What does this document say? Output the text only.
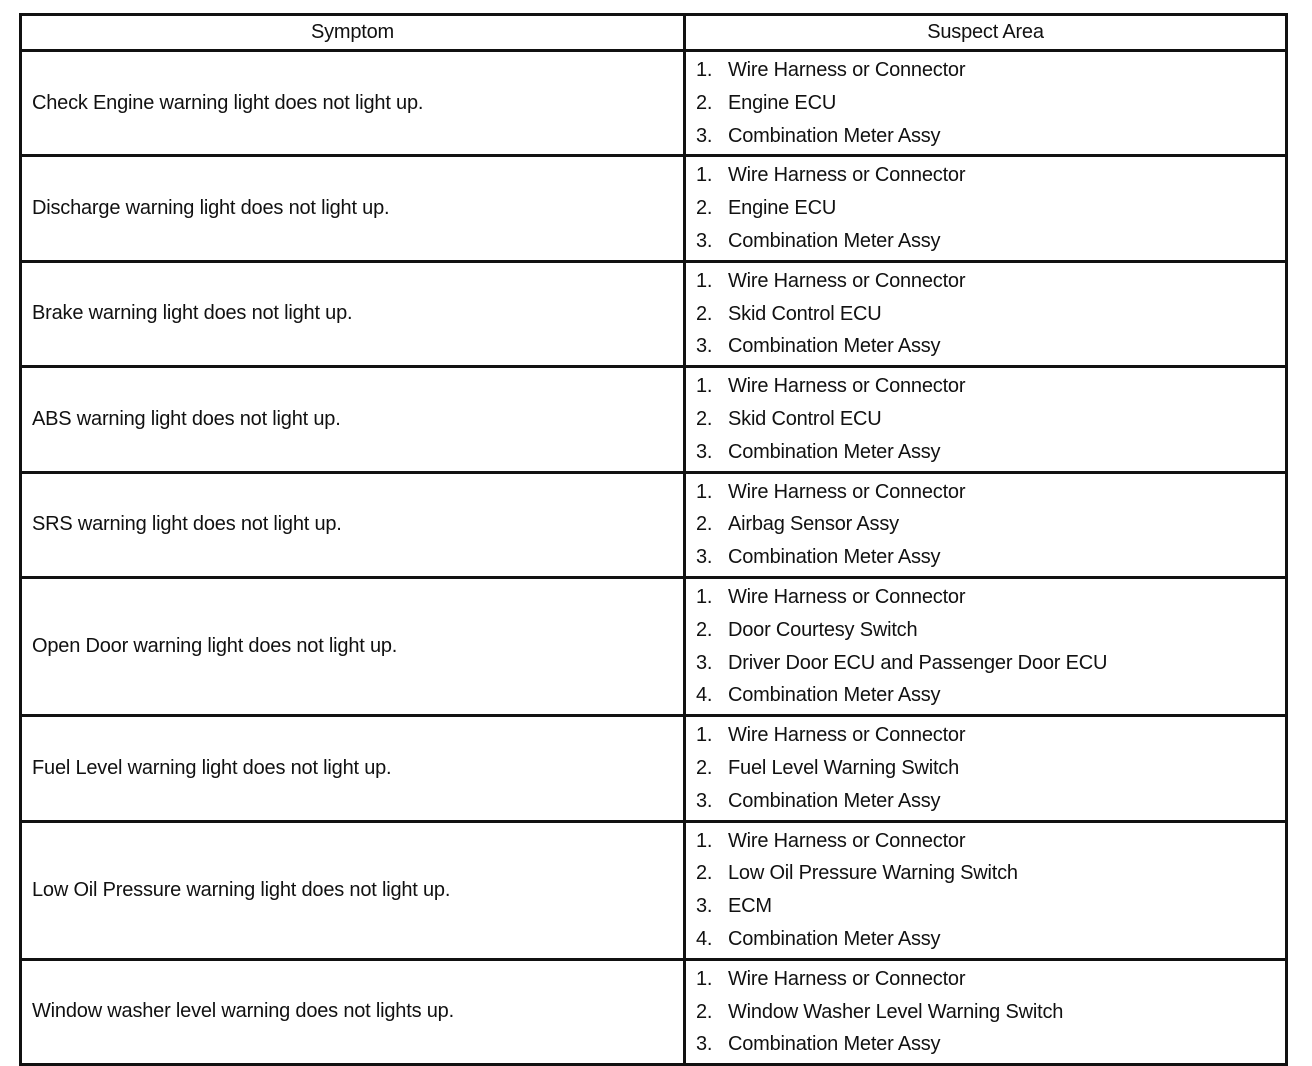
Symptom	Suspect Area
Check Engine warning light does not light up.	1. Wire Harness or Connector
2. Engine ECU
3. Combination Meter Assy

Discharge warning light does not light up.	1. Wire Harness or Connector
2. Engine ECU
3. Combination Meter Assy

Brake warning light does not light up.	1. Wire Harness or Connector
2. Skid Control ECU
3. Combination Meter Assy

ABS warning light does not light up.	1. Wire Harness or Connector
2. Skid Control ECU
3. Combination Meter Assy

SRS warning light does not light up.	1. Wire Harness or Connector
2. Airbag Sensor Assy
3. Combination Meter Assy

Open Door warning light does not light up.	1. Wire Harness or Connector
2. Door Courtesy Switch
3. Driver Door ECU and Passenger Door ECU
4. Combination Meter Assy

Fuel Level warning light does not light up.	1. Wire Harness or Connector
2. Fuel Level Warning Switch
3. Combination Meter Assy

Low Oil Pressure warning light does not light up.	1. Wire Harness or Connector
2. Low Oil Pressure Warning Switch
3. ECM
4. Combination Meter Assy

Window washer level warning does not lights up.	1. Wire Harness or Connector
2. Window Washer Level Warning Switch
3. Combination Meter Assy
